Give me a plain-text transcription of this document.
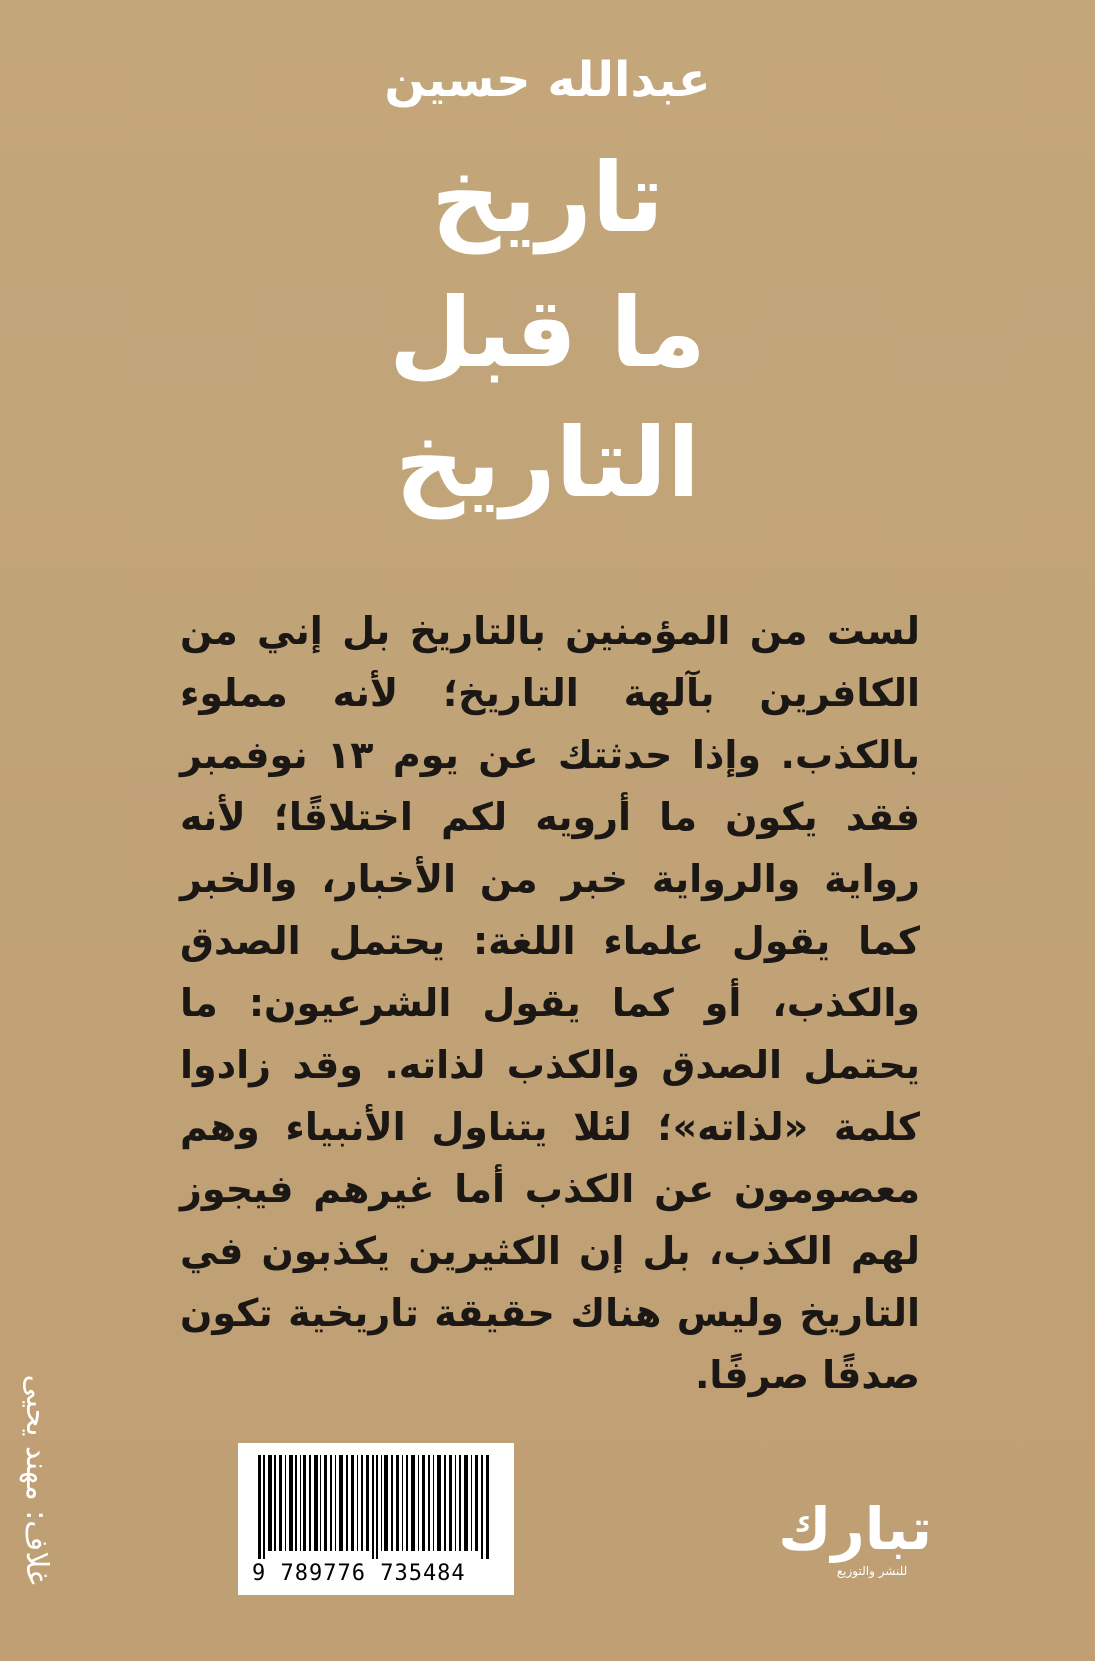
عبدالله حسين
تاريخ
ما قبل
التاريخ
لست من المؤمنين بالتاريخ بل إني من الكافرين بآلهة التاريخ؛ لأنه مملوء بالكذب. وإذا حدثتك عن يوم ١٣ نوفمبر فقد يكون ما أرويه لكم اختلاقًا؛ لأنه رواية والرواية خبر من الأخبار، والخبر كما يقول علماء اللغة: يحتمل الصدق والكذب، أو كما يقول الشرعيون: ما يحتمل الصدق والكذب لذاته. وقد زادوا كلمة «لذاته»؛ لئلا يتناول الأنبياء وهم معصومون عن الكذب أما غيرهم فيجوز لهم الكذب، بل إن الكثيرين يكذبون في التاريخ وليس هناك حقيقة تاريخية تكون صدقًا صرفًا.
غلاف: مهند يحيى	9 789776 735484
تبارك
للنشر والتوزيع
